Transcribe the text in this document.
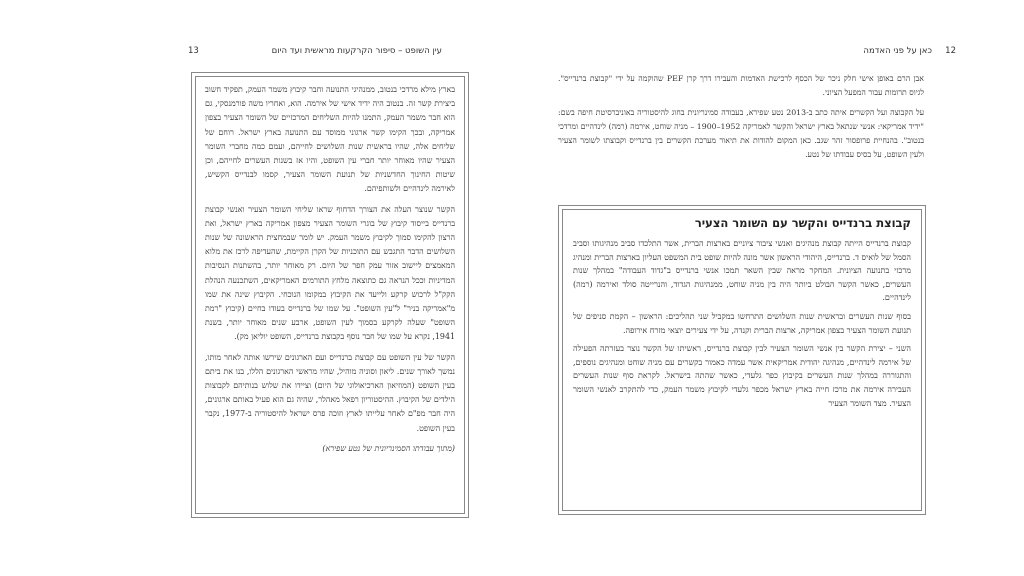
13	עין השופט – סיפור הקרקעות מראשית ועד היום

בארץ מילא מרדכי בנטוב, ממנהיגי התנועה וחבר קיבוץ משמר העמק, תפקיד חשוב ביצירת קשר זה. בנטוב היה ידיד אישי של אירמה. הוא, ואחריו משה פורמנסקי, גם הוא חבר משמר העמק, התמנו להיות השליחים המרכזיים של השומר הצעיר בצפון אמריקה, ובכך הקימו קשר ארגוני ממוסד עם התנועה בארץ ישראל. רוחם של שליחים אלה, שהיו בראשית שנות השלושים לחייהם, ועמם כמה מחברי השומר הצעיר שהיו מאוחר יותר חברי עין השופט, והיו אז בשנות העשרים לחייהם, וכן שיטות החינוך החדשניות של תנועת השומר הצעיר, קסמו לבנדייס הקשיש, לאירמה לינדהיים ולשותפיהם.

הקשר שנוצר העלה את הצורך הדחוף שראו שליחי השומר הצעיר ואנשי קבוצת ברנדייס בייסוד קיבוץ של בוגרי השומר הצעיר מצפון אמריקה בארץ ישראל, ואת הרצון להקימו סמוך לקיבוץ משמר העמק. יש לומר שבמחצית הראשונה של שנות השלושים הדבר התגבש עם התוכניות של הקרן הקיימת, שהעדיפה לרכז את מלוא המאמצים ליישוב אזור עמק חפר של היום. רק מאוחר יותר, בהשתנות הנסיבות המדיניות וככל הנראה גם כתוצאה מלחץ התורמים האמריקאים, השתכנעה הנהלת הקק"ל לרכוש קרקע ולייעד את הקיבוץ במקומו הנוכחי. הקיבוץ שינה את שמו מ"אמריקה בניר" ל"עין השופט". על שמו של ברנדייס בעודו בחיים (קיבוץ "רמת השופט" שעלה לקרקע בסמוך לעין השופט, ארבע שנים מאוחר יותר, בשנת 1941, נקרא על שמו של חבר נוסף בקבוצת ברנדייס, השופט יוליאן מק).

הקשר של עין השופט עם קבוצת ברנדייס ועם הארגונים שירשו אותה לאחר מותו, נמשך לאורך שנים. ליאון וסוניה מוהיל, שהיו מראשי הארגונים הללו, בנו את ביתם בעין השופט (המוזיאון הארכיאולוגי של היום) וציידו את שלוש בנותיהם לקבוצות הילדים של הקיבוץ. ההיסטוריון רפאל מאהלר, שהיה גם הוא פעיל באותם ארגונים, היה חבר מפ"ם לאחר עלייתו לארץ וזוכה פרס ישראל להיסטוריה ב-1977, נקבר בעין השופט.

(מתוך עבודתו הסמינריונית של נטע שפירא)

כאן על פני האדמה 12

אבן הרם באופן אישי חלק ניכר של הכסף לרכישת האדמות והעבירו דרך קרן PEF שהוקמה על ידי "קבוצת ברנדייס". לגיוס תרומות עבור המפעל הציוני.

על הקבוצה ועל הקשרים איתה כתב ב-2013 נטע שפירא, בעבודה סמינריונית בחוג להיסטוריה באוניברסיטת חיפה בשם: "ידיד אמריקאי: אנשי שנתאל בארץ ישראל והקשר לאמריקה 1952–1900 – מניה שוחט, אירמה (רמה) לינדהיים ומרדכי בנטוב". בהנחיית פרופסור זהר שגב. כאן המקום להודות את תיאור מערכת הקשרים בין ברנדייס וקבוצתו לשומר הצעיר ולעין השופט, על בסיס עבודתו של נטע.

קבוצת ברנדייס והקשר עם השומר הצעיר

קבוצת ברנדייס הייתה קבוצת מנהיגים ואנשי ציבור ציוניים בארצות הברית, אשר התלכדו סביב מנהיגותו וסביב הסמל של לואיס ד. ברנדייס, היהודי הראשון אשר מונה להיות שופט בית המשפט העליון בארצות הברית ומנהיג מרכזי בתנועה הציונית. המחקר מראה שבין השאר תמכו אנשי ברנדייס ב"גדוד העבודה" במהלך שנות העשרים, כאשר הקשר הבולט ביותר היה בין מניה שוחט, ממנהיגות הגדוד, והנרייטה סולד ואירמה (רמה) לינדהיים.

בסוף שנות העשרים ובראשית שנות השלושים התרחשו במקביל שני תהליכים: הראשון – הקמת סניפים של תנועת השומר הצעיר בצפון אמריקה, ארצות הברית וקנדה, על ידי צעירים יוצאי מזרח אירופה.

השני – יצירת הקשר בין אנשי השומר הצעיר לבין קבוצת ברנדייס, ראשיתו של הקשר נוצר בעזרתה הפעילה של אירמה לינדהיים, מנהיגה יהודית אמריקאית אשר עמדה כאמור בקשרים עם מניה שוחט ומנהיגים נוספים, והתגוררה במהלך שנות העשרים בקיבוץ כפר גלעדי, כאשר שהתה בישראל. לקראת סוף שנות העשרים העבירה אירמה את מרכז חייה בארץ ישראל מכפר גלעדי לקיבוץ משמר העמק, כדי להתקרב לאנשי השומר הצעיר. מצד השומר הצעיר
